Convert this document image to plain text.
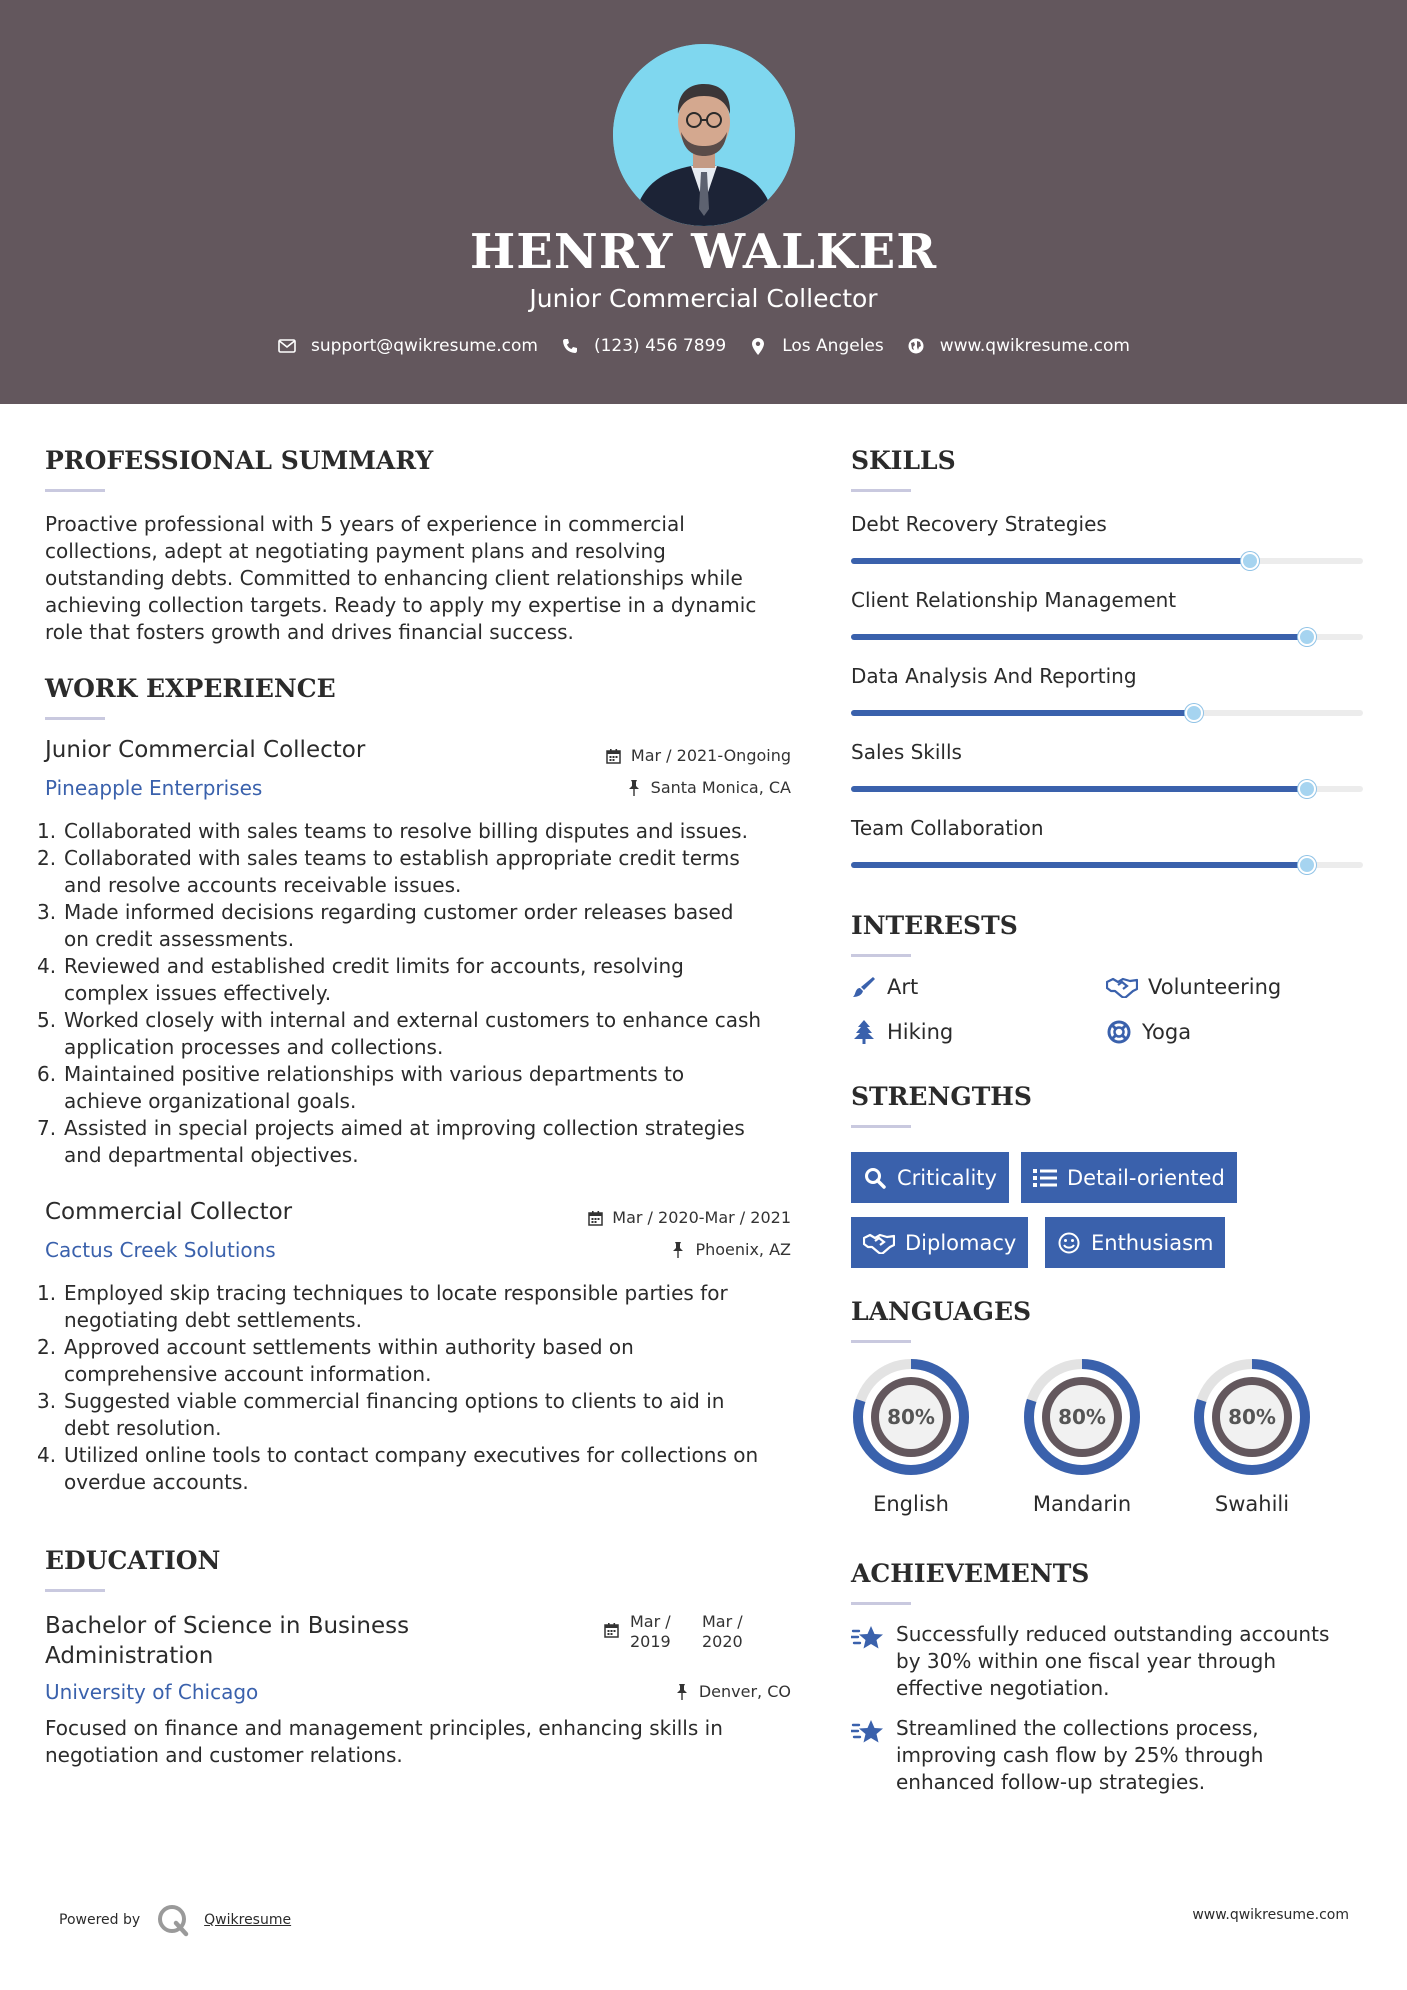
HENRY WALKER
Junior Commercial Collector
support@qwikresume.com	(123) 456 7899	Los Angeles	www.qwikresume.com
PROFESSIONAL SUMMARY
Proactive professional with 5 years of experience in commercial
collections, adept at negotiating payment plans and resolving
outstanding debts. Committed to enhancing client relationships while
achieving collection targets. Ready to apply my expertise in a dynamic
role that fosters growth and drives financial success.
WORK EXPERIENCE
Junior Commercial Collector
Pineapple Enterprises
Mar / 2021-Ongoing
Santa Monica, CA
1. Collaborated with sales teams to resolve billing disputes and issues.
2. Collaborated with sales teams to establish appropriate credit terms
and resolve accounts receivable issues.
3. Made informed decisions regarding customer order releases based
on credit assessments.
4. Reviewed and established credit limits for accounts, resolving
complex issues effectively.
5. Worked closely with internal and external customers to enhance cash
application processes and collections.
6. Maintained positive relationships with various departments to
achieve organizational goals.
7. Assisted in special projects aimed at improving collection strategies
and departmental objectives.
Commercial Collector
Cactus Creek Solutions
Mar / 2020-Mar / 2021
Phoenix, AZ
1. Employed skip tracing techniques to locate responsible parties for
negotiating debt settlements.
2. Approved account settlements within authority based on
comprehensive account information.
3. Suggested viable commercial financing options to clients to aid in
debt resolution.
4. Utilized online tools to contact company executives for collections on
overdue accounts.
EDUCATION
Bachelor of Science in Business
Administration
University of Chicago
Mar /
2019
Mar /
2020
Denver, CO
Focused on finance and management principles, enhancing skills in
negotiation and customer relations.
SKILLS
Debt Recovery Strategies
Client Relationship Management
Data Analysis And Reporting
Sales Skills
Team Collaboration
INTERESTS
Art	Volunteering
Hiking	Yoga
STRENGTHS
Criticality	Detail-oriented
Diplomacy	Enthusiasm
LANGUAGES
80%
English
80%
Mandarin
80%
Swahili
ACHIEVEMENTS
Successfully reduced outstanding accounts
by 30% within one fiscal year through
effective negotiation.
Streamlined the collections process,
improving cash flow by 25% through
enhanced follow-up strategies.
Powered by	Qwikresume	www.qwikresume.com
